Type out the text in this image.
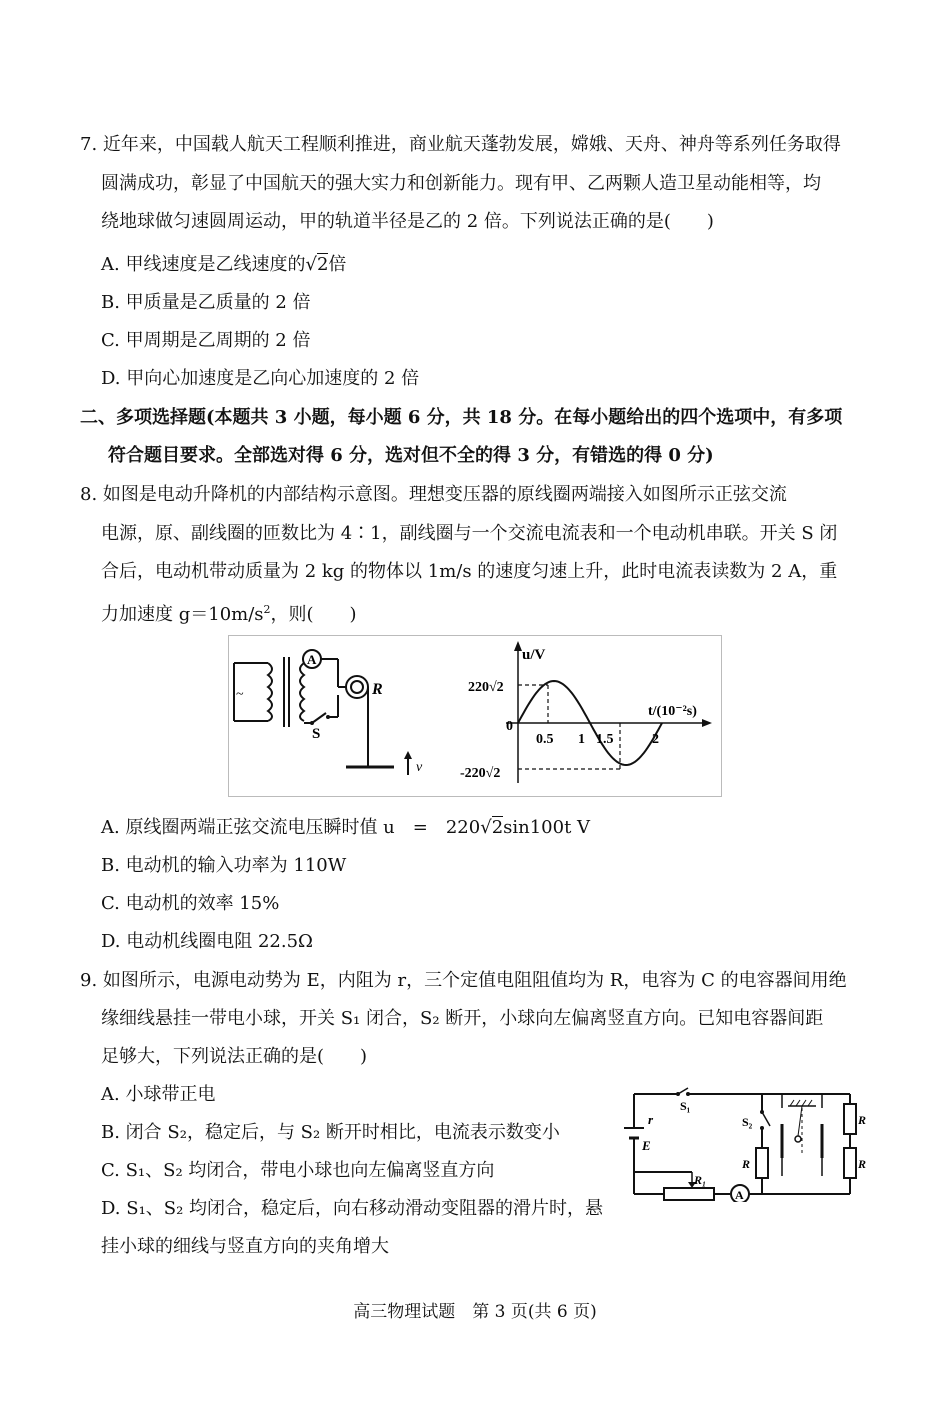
7. 近年来，中国载人航天工程顺利推进，商业航天蓬勃发展，嫦娥、天舟、神舟等系列任务取得
圆满成功，彰显了中国航天的强大实力和创新能力。现有甲、乙两颗人造卫星动能相等，均
绕地球做匀速圆周运动，甲的轨道半径是乙的 2 倍。下列说法正确的是(　　)
A. 甲线速度是乙线速度的√2倍
B. 甲质量是乙质量的 2 倍
C. 甲周期是乙周期的 2 倍
D. 甲向心加速度是乙向心加速度的 2 倍
二、多项选择题(本题共 3 小题，每小题 6 分，共 18 分。在每小题给出的四个选项中，有多项
符合题目要求。全部选对得 6 分，选对但不全的得 3 分，有错选的得 0 分)
8. 如图是电动升降机的内部结构示意图。理想变压器的原线圈两端接入如图所示正弦交流
电源，原、副线圈的匝数比为 4∶1，副线圈与一个交流电流表和一个电动机串联。开关 S 闭
合后，电动机带动质量为 2 kg 的物体以 1m/s 的速度匀速上升，此时电流表读数为 2 A，重
力加速度 $g=10m/s^2$，则(　　)
~
A
R
S
v
u/V
t/(10⁻²s)
0
220√2
-220√2
0.5 1 1.5	2
A. 原线圈两端正弦交流电压瞬时值 u　=　220√2sin100t V
B. 电动机的输入功率为 110W
C. 电动机的效率 15%
D. 电动机线圈电阻 22.5Ω
9. 如图所示，电源电动势为 E，内阻为 r，三个定值电阻阻值均为 R，电容为 C 的电容器间用绝
缘细线悬挂一带电小球，开关 S₁ 闭合，S₂ 断开，小球向左偏离竖直方向。已知电容器间距
足够大，下列说法正确的是(　　)
A. 小球带正电
B. 闭合 S₂，稳定后，与 S₂ 断开时相比，电流表示数变小
C. S₁、S₂ 均闭合，带电小球也向左偏离竖直方向
D. S₁、S₂ 均闭合，稳定后，向右移动滑动变阻器的滑片时，悬
挂小球的细线与竖直方向的夹角增大
r
E
S₁
R₁
A
R
R
S₂
R
高三物理试题　第 3 页(共 6 页)
